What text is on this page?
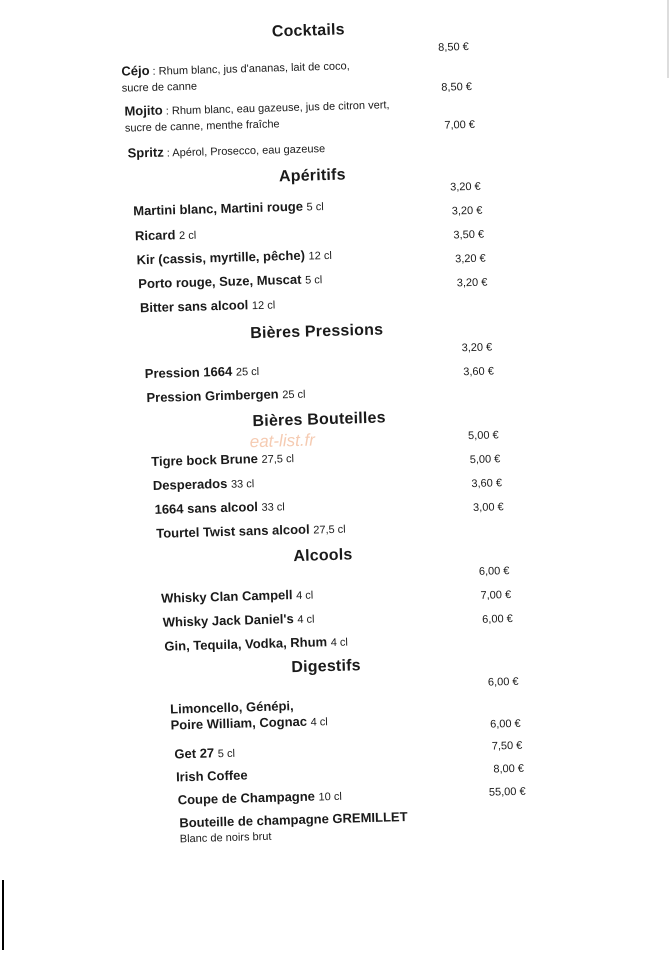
Cocktails
Céjo : Rhum blanc, jus d'ananas, lait de coco,
sucre de canne
8,50 €
Mojito : Rhum blanc, eau gazeuse, jus de citron vert,
sucre de canne, menthe fraîche
8,50 €
Spritz : Apérol, Prosecco, eau gazeuse
7,00 €
Apéritifs
Martini blanc, Martini rouge 5 cl
3,20 €
Ricard 2 cl
3,20 €
Kir (cassis, myrtille, pêche) 12 cl
3,50 €
Porto rouge, Suze, Muscat 5 cl
3,20 €
Bitter sans alcool 12 cl
3,20 €
Bières Pressions
Pression 1664 25 cl
3,20 €
Pression Grimbergen 25 cl
3,60 €
Bières Bouteilles
Tigre bock Brune 27,5 cl
5,00 €
Desperados 33 cl
5,00 €
1664 sans alcool 33 cl
3,60 €
Tourtel Twist sans alcool 27,5 cl
3,00 €
Alcools
Whisky Clan Campell 4 cl
6,00 €
Whisky Jack Daniel's 4 cl
7,00 €
Gin, Tequila, Vodka, Rhum 4 cl
6,00 €
Digestifs
Limoncello, Génépi,
Poire William, Cognac 4 cl
6,00 €
Get 27 5 cl
6,00 €
Irish Coffee
7,50 €
Coupe de Champagne 10 cl
8,00 €
Bouteille de champagne GREMILLET
Blanc de noirs brut
55,00 €
eat-list.fr
